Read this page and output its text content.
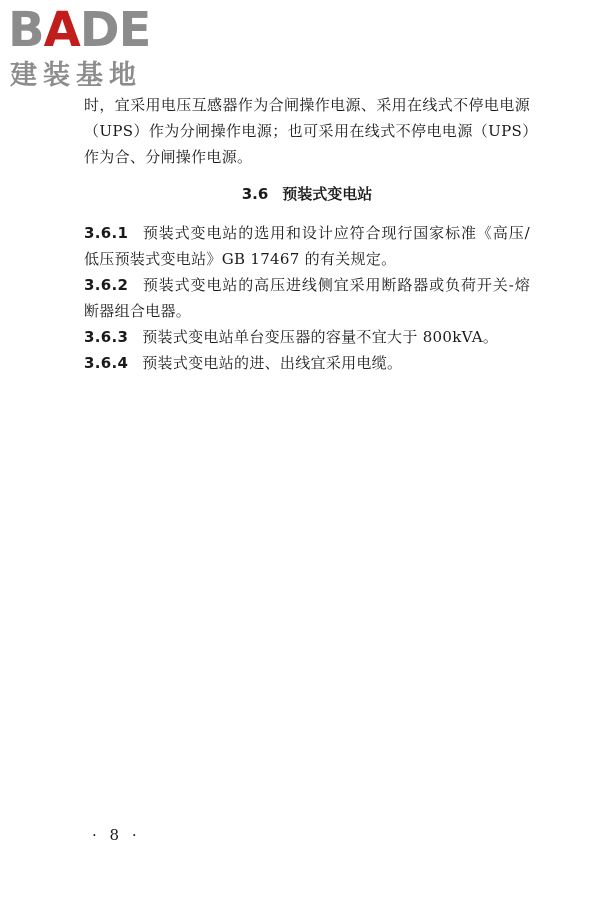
BADE
建装基地

时，宜采用电压互感器作为合闸操作电源、采用在线式不停电电源（UPS）作为分闸操作电源；也可采用在线式不停电电源（UPS）作为合、分闸操作电源。

3.6 预装式变电站

3.6.1 预装式变电站的选用和设计应符合现行国家标准《高压/低压预装式变电站》GB 17467 的有关规定。

3.6.2 预装式变电站的高压进线侧宜采用断路器或负荷开关-熔断器组合电器。

3.6.3 预装式变电站单台变压器的容量不宜大于 800kVA。

3.6.4 预装式变电站的进、出线宜采用电缆。

· 8 ·
